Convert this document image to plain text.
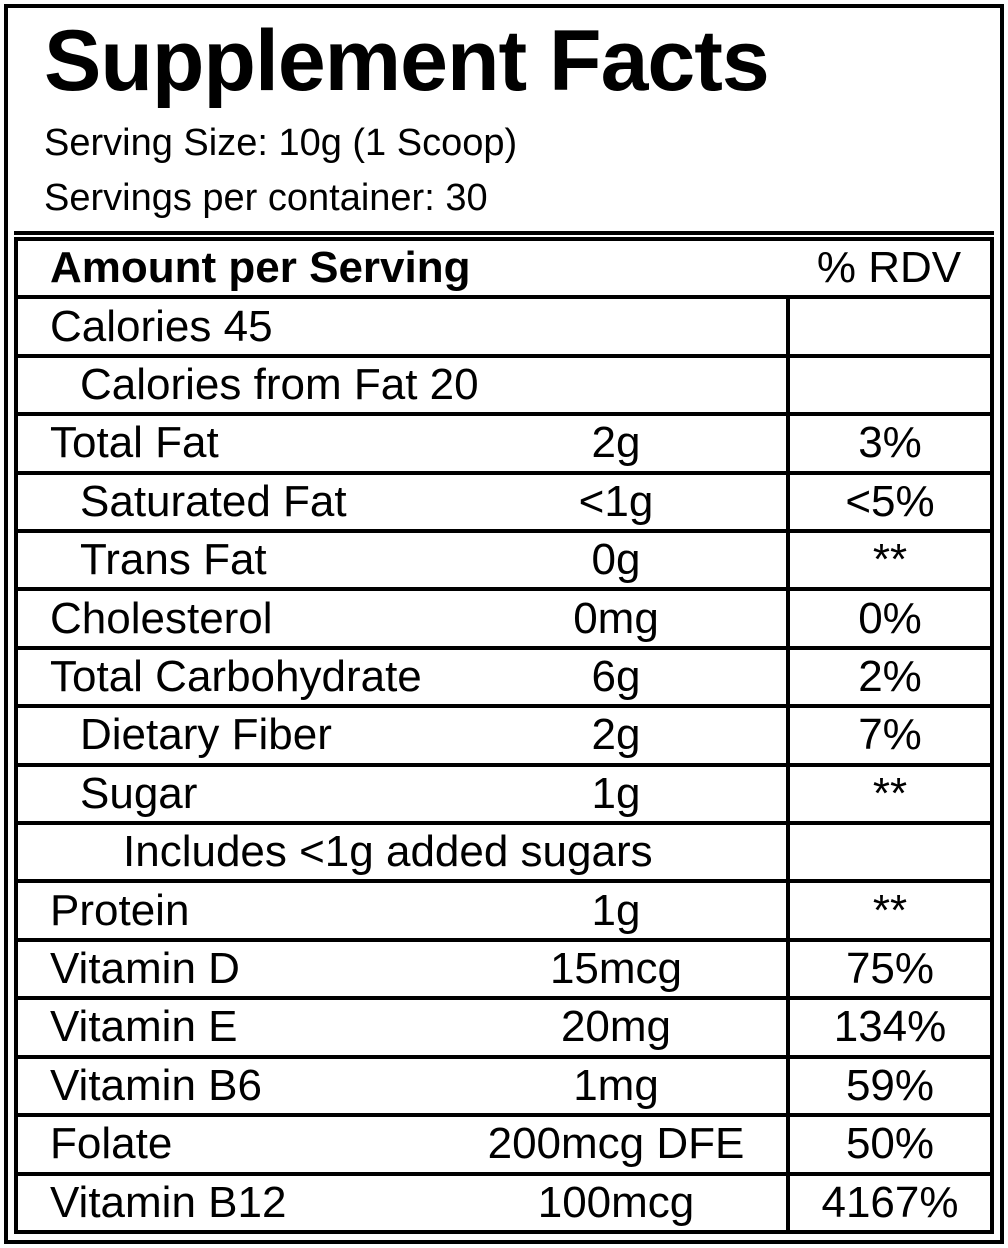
Supplement Facts

Serving Size: 10g (1 Scoop)

Servings per container: 30

Amount per Serving		% RDV
Calories 45		
Calories from Fat 20		
Total Fat	2g	3%
Saturated Fat	<1g	<5%
Trans Fat	0g	**
Cholesterol	0mg	0%
Total Carbohydrate	6g	2%
Dietary Fiber	2g	7%
Sugar	1g	**
Includes <1g added sugars		
Protein	1g	**
Vitamin D	15mcg	75%
Vitamin E	20mg	134%
Vitamin B6	1mg	59%
Folate	200mcg DFE	50%
Vitamin B12	100mcg	4167%
